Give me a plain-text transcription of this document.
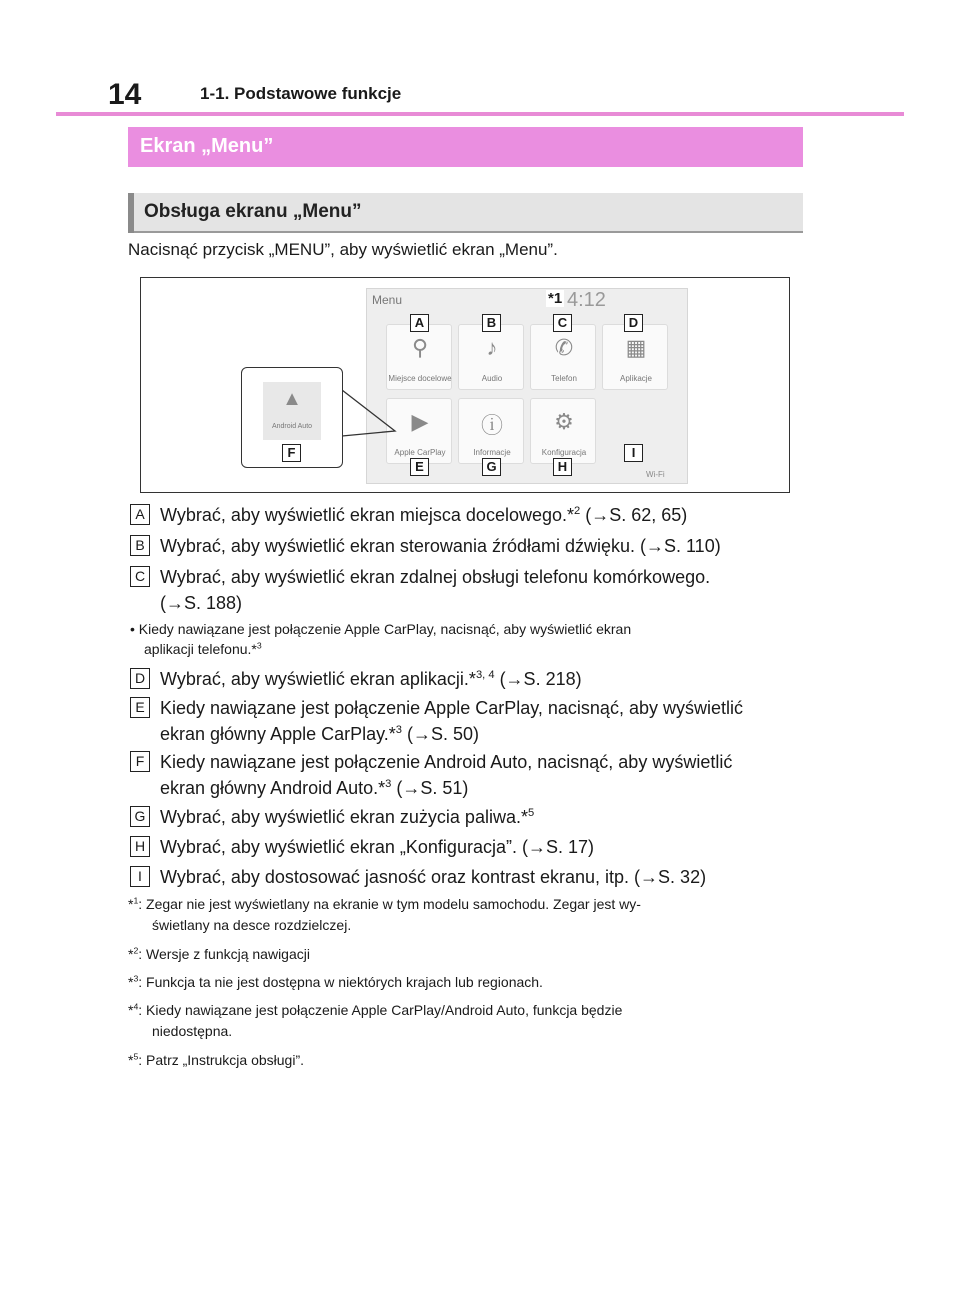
14	1-1. Podstawowe funkcje
Ekran „Menu”
Obsługa ekranu „Menu”
Nacisnąć przycisk „MENU”, aby wyświetlić ekran „Menu”.
Menu	4:12
*1
⚲
Miejsce docelowe
♪
Audio
✆
Telefon
▦
Aplikacje
▶
Apple CarPlay
ⓘ
Informacje
⚙
Konfiguracja
Wi-Fi
▲
Android Auto
A	B	C	D
E
F
G	H
I
A Wybrać, aby wyświetlić ekran miejsca docelowego.*$^2$ (→S. 62, 65)
B Wybrać, aby wyświetlić ekran sterowania źródłami dźwięku. (→S. 110)
C Wybrać, aby wyświetlić ekran zdalnej obsługi telefonu komórkowego.
(→S. 188)
• Kiedy nawiązane jest połączenie Apple CarPlay, nacisnąć, aby wyświetlić ekran
aplikacji telefonu.*$^3$
D Wybrać, aby wyświetlić ekran aplikacji.*$^{3, 4}$ (→S. 218)
E Kiedy nawiązane jest połączenie Apple CarPlay, nacisnąć, aby wyświetlić
ekran główny Apple CarPlay.*$^3$ (→S. 50)
F Kiedy nawiązane jest połączenie Android Auto, nacisnąć, aby wyświetlić
ekran główny Android Auto.*$^3$ (→S. 51)
G Wybrać, aby wyświetlić ekran zużycia paliwa.*$^5$
H Wybrać, aby wyświetlić ekran „Konfiguracja”. (→S. 17)
I	Wybrać, aby dostosować jasność oraz kontrast ekranu, itp. (→S. 32)
*$^1$: Zegar nie jest wyświetlany na ekranie w tym modelu samochodu. Zegar jest wy-
świetlany na desce rozdzielczej.
*$^2$: Wersje z funkcją nawigacji
*$^3$: Funkcja ta nie jest dostępna w niektórych krajach lub regionach.
*$^4$: Kiedy nawiązane jest połączenie Apple CarPlay/Android Auto, funkcja będzie
niedostępna.
*$^5$: Patrz „Instrukcja obsługi”.
